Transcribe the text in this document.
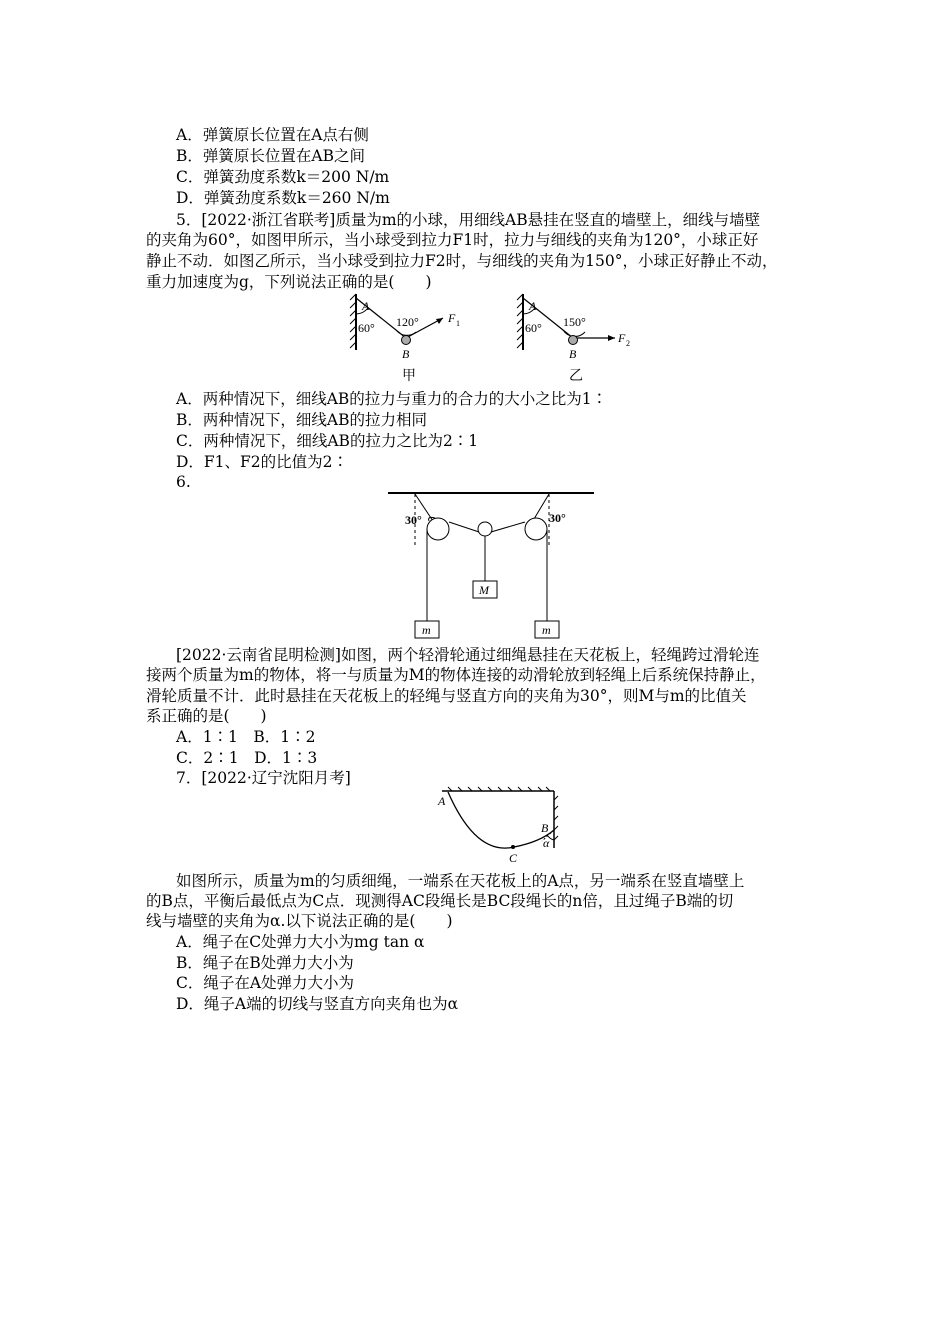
A．弹簧原长位置在A点右侧
B．弹簧原长位置在AB之间
C．弹簧劲度系数k＝200 N/m
D．弹簧劲度系数k＝260 N/m
5．[2022·浙江省联考]质量为m的小球，用细线AB悬挂在竖直的墙壁上，细线与墙壁
的夹角为60°，如图甲所示，当小球受到拉力F1时，拉力与细线的夹角为120°，小球正好
静止不动．如图乙所示，当小球受到拉力F2时，与细线的夹角为150°，小球正好静止不动，
重力加速度为g，下列说法正确的是(　　)
A
60° 120°
B
F 1
甲
A
60° 150°
B
F 2
乙
A．两种情况下，细线AB的拉力与重力的合力的大小之比为1∶
B．两种情况下，细线AB的拉力相同
C．两种情况下，细线AB的拉力之比为2∶1
D．F1、F2的比值为2∶
6.
30°	30°
M
m	m
[2022·云南省昆明检测]如图，两个轻滑轮通过细绳悬挂在天花板上，轻绳跨过滑轮连
接两个质量为m的物体，将一与质量为M的物体连接的动滑轮放到轻绳上后系统保持静止，
滑轮质量不计．此时悬挂在天花板上的轻绳与竖直方向的夹角为30°，则M与m的比值关
系正确的是(　　)
A．1∶1　B．1∶2
C．2∶1　D．1∶3
7．[2022·辽宁沈阳月考]
A
B
C
α
如图所示，质量为m的匀质细绳，一端系在天花板上的A点，另一端系在竖直墙壁上
的B点，平衡后最低点为C点．现测得AC段绳长是BC段绳长的n倍，且过绳子B端的切
线与墙壁的夹角为α.以下说法正确的是(　　)
A．绳子在C处弹力大小为mg tan α
B．绳子在B处弹力大小为
C．绳子在A处弹力大小为
D．绳子A端的切线与竖直方向夹角也为α
